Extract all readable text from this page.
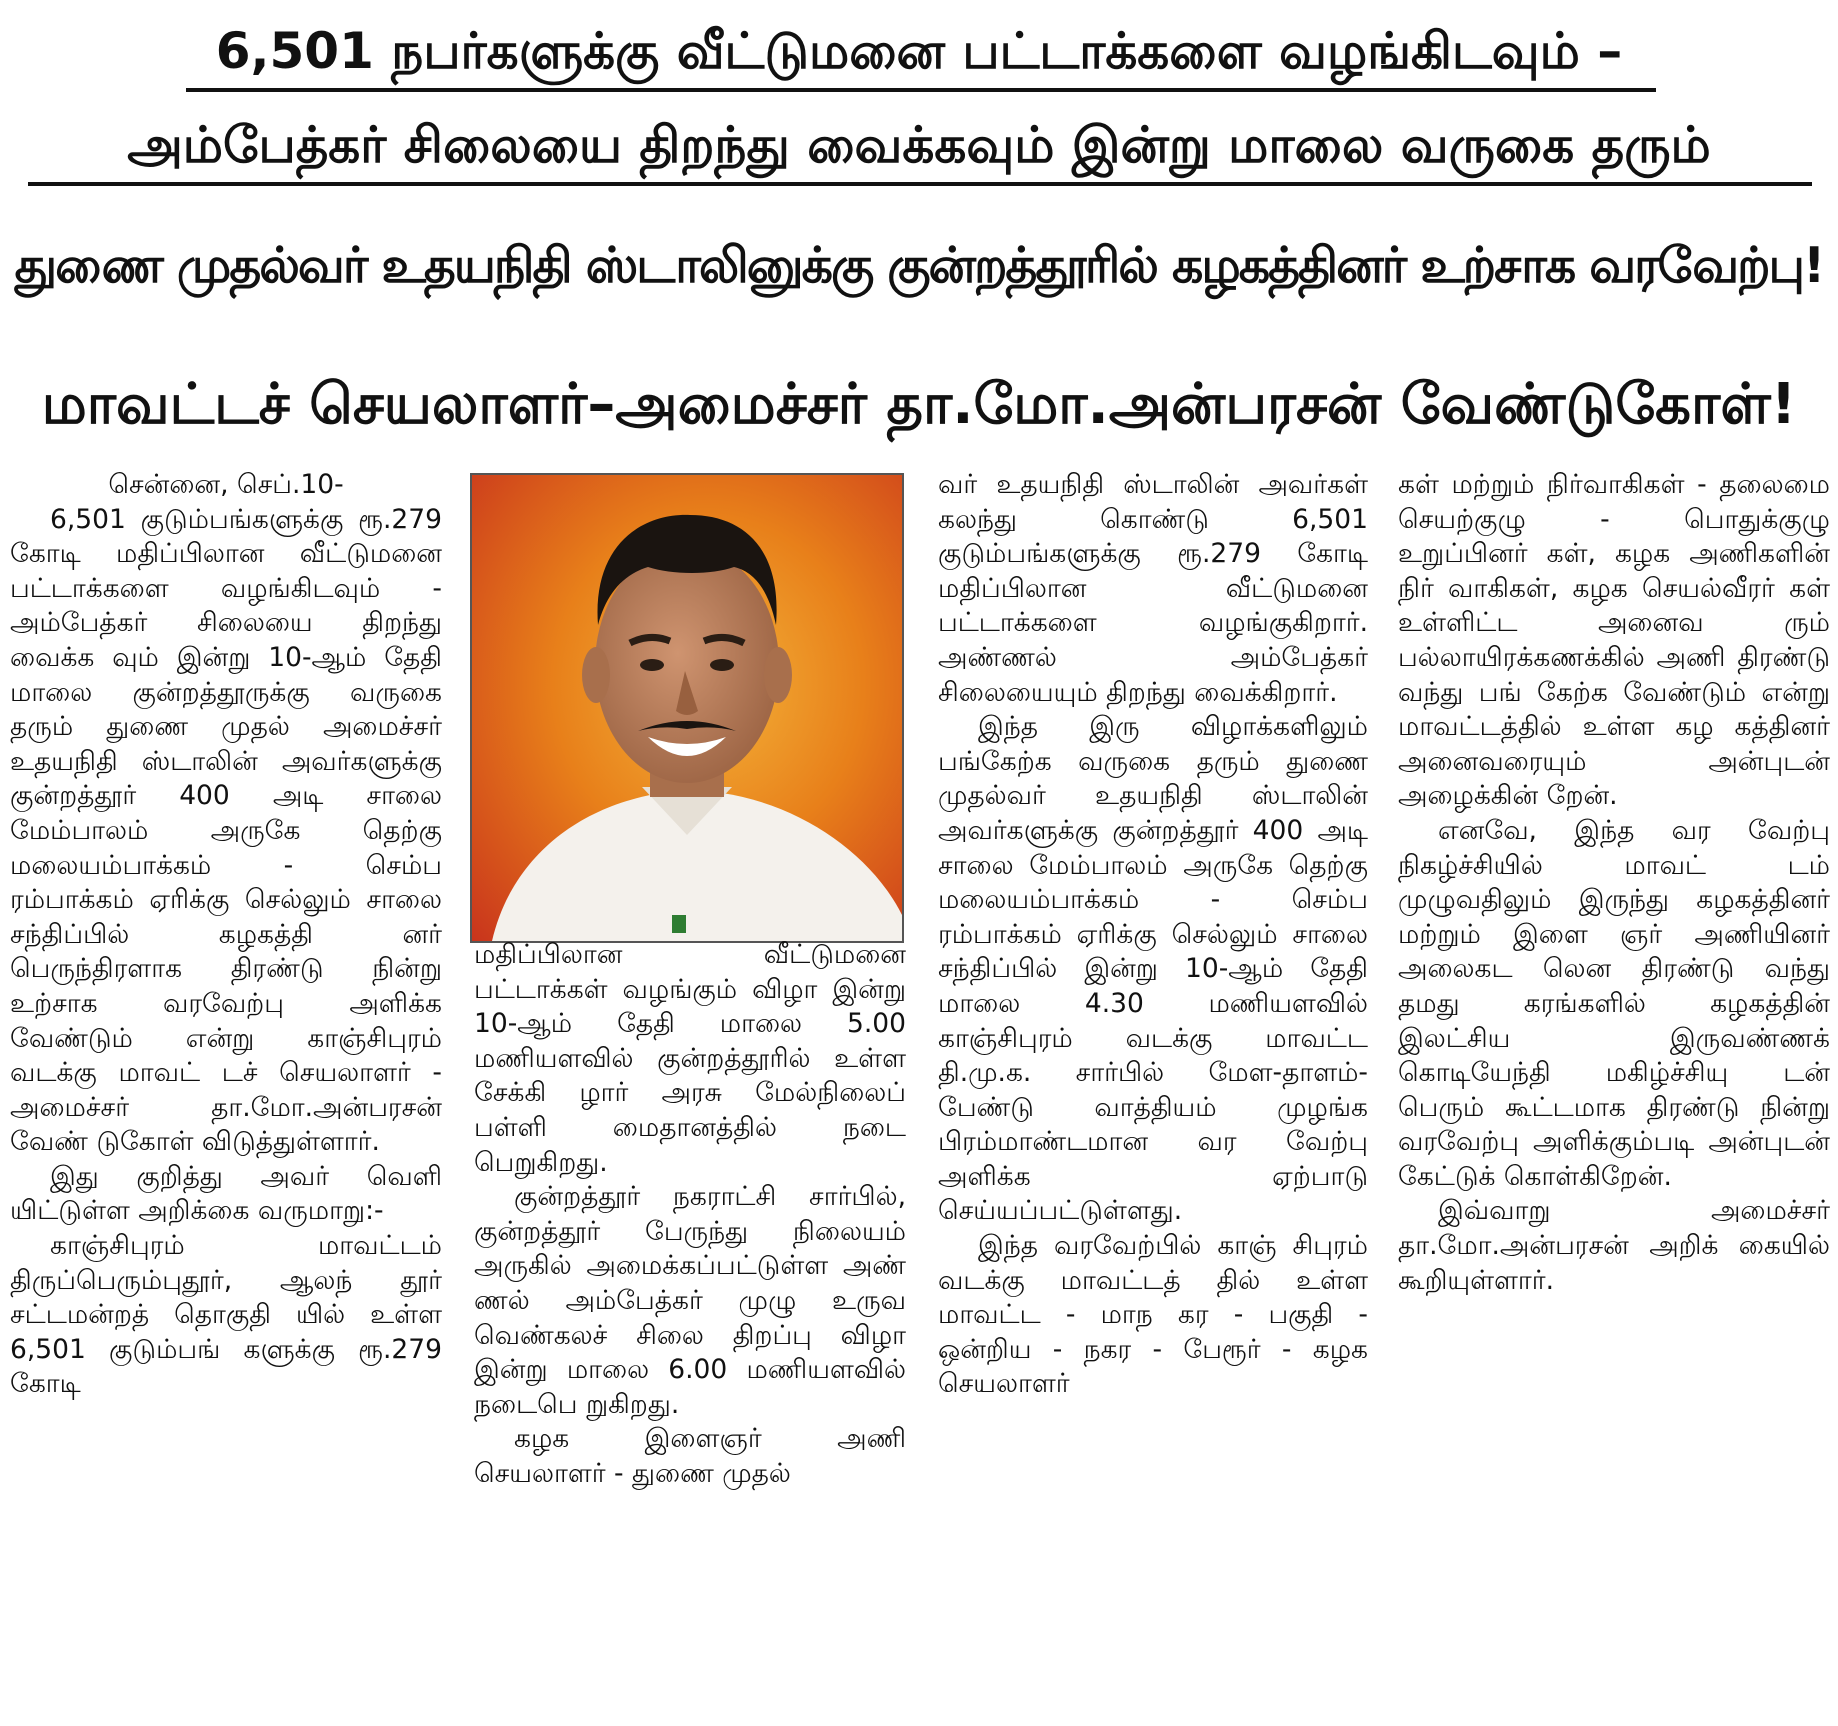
6,501 நபர்களுக்கு வீட்டுமனை பட்டாக்களை வழங்கிடவும் –
அம்பேத்கர் சிலையை திறந்து வைக்கவும் இன்று மாலை வருகை தரும்
துணை முதல்வர் உதயநிதி ஸ்டாலினுக்கு குன்றத்தூரில் கழகத்தினர் உற்சாக வரவேற்பு!
மாவட்டச் செயலாளர்–அமைச்சர் தா.மோ.அன்பரசன் வேண்டுகோள்!

சென்னை, செப்.10-

6,501 குடும்பங்களுக்கு ரூ.279 கோடி மதிப்பிலான வீட்டுமனை பட்டாக்களை வழங்கிடவும் - அம்பேத்கர் சிலையை திறந்து வைக்க வும் இன்று 10-ஆம் தேதி மாலை குன்றத்தூருக்கு வருகை தரும் துணை முதல் அமைச்சர் உதயநிதி ஸ்டாலின் அவர்களுக்கு குன்றத்தூர் 400 அடி சாலை மேம்பாலம் அருகே தெற்கு மலையம்பாக்கம் - செம்ப ரம்பாக்கம் ஏரிக்கு செல்லும் சாலை சந்திப்பில் கழகத்தி னர் பெருந்திரளாக திரண்டு நின்று உற்சாக வரவேற்பு அளிக்க வேண்டும் என்று காஞ்சிபுரம் வடக்கு மாவட் டச் செயலாளர் - அமைச்சர் தா.மோ.அன்பரசன் வேண் டுகோள் விடுத்துள்ளார்.

இது குறித்து அவர் வெளி யிட்டுள்ள அறிக்கை வருமாறு:-

காஞ்சிபுரம் மாவட்டம் திருப்பெரும்புதூர், ஆலந் தூர் சட்டமன்றத் தொகுதி யில் உள்ள 6,501 குடும்பங் களுக்கு ரூ.279 கோடி

மதிப்பிலான வீட்டுமனை பட்டாக்கள் வழங்கும் விழா இன்று 10-ஆம் தேதி மாலை 5.00 மணியளவில் குன்றத்தூரில் உள்ள சேக்கி ழார் அரசு மேல்நிலைப் பள்ளி மைதானத்தில் நடை பெறுகிறது.

குன்றத்தூர் நகராட்சி சார்பில், குன்றத்தூர் பேருந்து நிலையம் அருகில் அமைக்கப்பட்டுள்ள அண் ணல் அம்பேத்கர் முழு உருவ வெண்கலச் சிலை திறப்பு விழா இன்று மாலை 6.00 மணியளவில் நடைபெ றுகிறது.

கழக இளைஞர் அணி செயலாளர் - துணை முதல்

வர் உதயநிதி ஸ்டாலின் அவர்கள் கலந்து கொண்டு 6,501 குடும்பங்களுக்கு ரூ.279 கோடி மதிப்பிலான வீட்டுமனை பட்டாக்களை வழங்குகிறார். அண்ணல் அம்பேத்கர் சிலையையும் திறந்து வைக்கிறார்.

இந்த இரு விழாக்களிலும் பங்கேற்க வருகை தரும் துணை முதல்வர் உதயநிதி ஸ்டாலின் அவர்களுக்கு குன்றத்தூர் 400 அடி சாலை மேம்பாலம் அருகே தெற்கு மலையம்பாக்கம் - செம்ப ரம்பாக்கம் ஏரிக்கு செல்லும் சாலை சந்திப்பில் இன்று 10-ஆம் தேதி மாலை 4.30 மணியளவில் காஞ்சிபுரம் வடக்கு மாவட்ட தி.மு.க. சார்பில் மேள-தாளம்- பேண்டு வாத்தியம் முழங்க பிரம்மாண்டமான வர வேற்பு அளிக்க ஏற்பாடு செய்யப்பட்டுள்ளது.

இந்த வரவேற்பில் காஞ் சிபுரம் வடக்கு மாவட்டத் தில் உள்ள மாவட்ட - மாந கர - பகுதி - ஒன்றிய - நகர - பேரூர் - கழக செயலாளர்

கள் மற்றும் நிர்வாகிகள் - தலைமை செயற்குழு - பொதுக்குழு உறுப்பினர் கள், கழக அணிகளின் நிர் வாகிகள், கழக செயல்வீரர் கள் உள்ளிட்ட அனைவ ரும் பல்லாயிரக்கணக்கில் அணி திரண்டு வந்து பங் கேற்க வேண்டும் என்று மாவட்டத்தில் உள்ள கழ கத்தினர் அனைவரையும் அன்புடன் அழைக்கின் றேன்.

எனவே, இந்த வர வேற்பு நிகழ்ச்சியில் மாவட் டம் முழுவதிலும் இருந்து கழகத்தினர் மற்றும் இளை ஞர் அணியினர் அலைகட லென திரண்டு வந்து தமது கரங்களில் கழகத்தின் இலட்சிய இருவண்ணக் கொடியேந்தி மகிழ்ச்சியு டன் பெரும் கூட்டமாக திரண்டு நின்று வரவேற்பு அளிக்கும்படி அன்புடன் கேட்டுக் கொள்கிறேன்.

இவ்வாறு அமைச்சர் தா.மோ.அன்பரசன் அறிக் கையில் கூறியுள்ளார்.
